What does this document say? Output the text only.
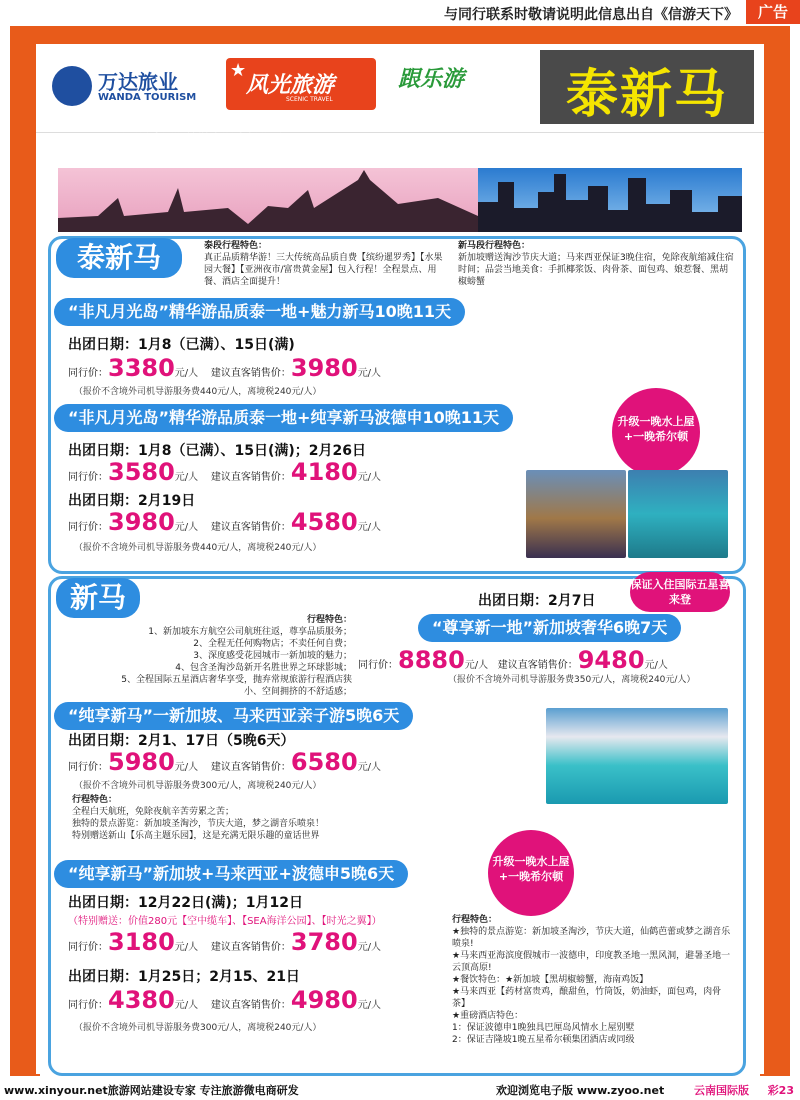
与同行联系时敬请说明此信息出自《信游天下》	广告
万达旅业
WANDA TOURISM
★
风光旅游
SCENIC TRAVEL
跟乐游	泰新马
昆明风光国际旅游有限责任公司
Kunming International Scenic Travel CO.,LTD	经营许可证：L-YN-CJ00003 http://www.kmfgly.com
泰新马	泰段行程特色：
真正品质精华游！三大传统高品质自费【缤纷暹罗秀】【水果园大餐】【亚洲夜市/富贵黄金屋】包入行程！全程景点、用餐、酒店全面提升！
新马段行程特色：
新加坡赠送淘沙节庆大道；马来西亚保证3晚住宿，免除夜航缩减住宿时间；品尝当地美食：手抓椰浆饭、肉骨茶、面包鸡、娘惹餐、黑胡椒螃蟹
“非凡月光岛”精华游品质泰一地+魅力新马10晚11天
出团日期：1月8（已满）、15日(满)
同行价：3380元/人 建议直客销售价：3980元/人
（报价不含境外司机导游服务费440元/人，离境税240元/人）
“非凡月光岛”精华游品质泰一地+纯享新马波德申10晚11天	升级一晚水上屋+一晚希尔顿
出团日期：1月8（已满）、15日(满)；2月26日
同行价：3580元/人 建议直客销售价：4180元/人
出团日期：2月19日
同行价：3980元/人 建议直客销售价：4580元/人
（报价不含境外司机导游服务费440元/人，离境税240元/人）
新马	出团日期：2月7日
保证入住国际五星喜来登
行程特色：
1、新加坡东方航空公司航班往返，尊享品质服务；
2、全程无任何购物店；不卖任何自费；
3、深度感受花园城市一新加坡的魅力；
4、包含圣淘沙岛新开名胜世界之环球影城；
5、全程国际五星酒店奢华享受，抛弃常规旅游行程酒店狭小、空间拥挤的不舒适感；
“尊享新一地”新加坡奢华6晚7天
同行价：8880元/人 建议直客销售价：9480元/人
（报价不含境外司机导游服务费350元/人，离境税240元/人）
“纯享新马”一新加坡、马来西亚亲子游5晚6天
出团日期：2月1、17日（5晚6天）
同行价：5980元/人 建议直客销售价：6580元/人
（报价不含境外司机导游服务费300元/人，离境税240元/人）
行程特色：
全程白天航班，免除夜航辛苦劳累之苦；
独特的景点游览：新加坡圣淘沙，节庆大道，梦之湖音乐喷泉！
特别赠送新山【乐高主题乐园】，这是充满无限乐趣的童话世界
“纯享新马”新加坡+马来西亚+波德申5晚6天
升级一晚水上屋+一晚希尔顿
出团日期：12月22日(满)；1月12日
（特别赠送：价值280元【空中缆车】、【SEA海洋公园】、【时光之翼】）
同行价：3180元/人 建议直客销售价：3780元/人
出团日期：1月25日；2月15、21日
同行价：4380元/人 建议直客销售价：4980元/人
（报价不含境外司机导游服务费300元/人，离境税240元/人）
行程特色：
★独特的景点游览：新加坡圣淘沙，节庆大道，仙鹤芭蕾或梦之湖音乐喷泉!
★马来西亚海滨度假城市一波德申，印度教圣地一黑风洞，避暑圣地一云顶高原!
★餐饮特色：★新加坡【黑胡椒螃蟹，海南鸡饭】
★马来西亚【药材富贵鸡，酿甜鱼，竹筒饭，奶油虾，面包鸡，肉骨茶】
★重磅酒店特色：
1：保证波德申1晚独具巴厘岛风情水上屋别墅
2：保证吉隆坡1晚五星希尔顿集团酒店或同级
www.xinyour.net旅游网站建设专家 专注旅游微电商研发	欢迎浏览电子版 www.zyoo.net	云南国际版 彩23
